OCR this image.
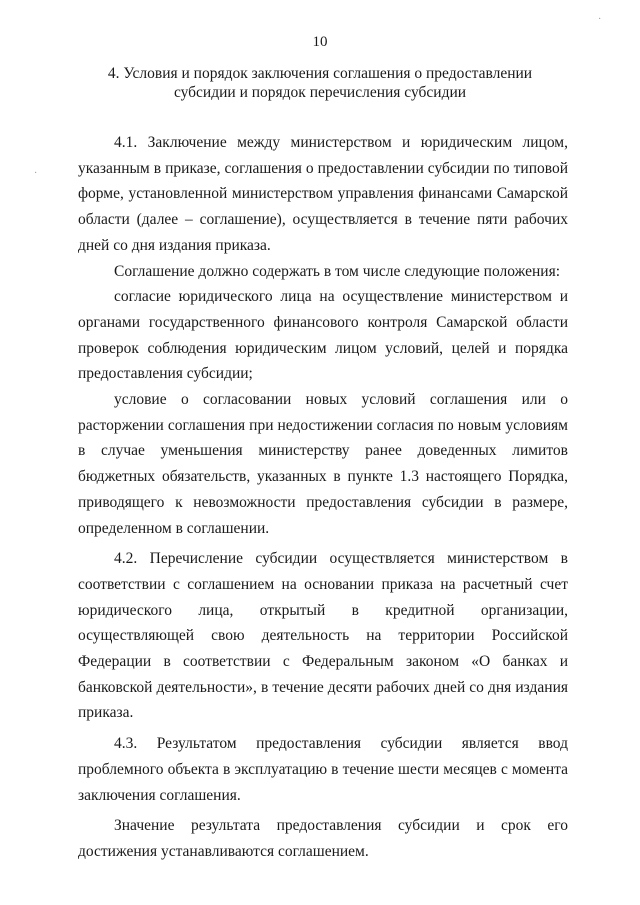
10
4. Условия и порядок заключения соглашения о предоставлении
субсидии и порядок перечисления субсидии

4.1. Заключение между министерством и юридическим лицом, указанным в приказе, соглашения о предоставлении субсидии по типовой форме, установленной министерством управления финансами Самарской области (далее – соглашение), осуществляется в течение пяти рабочих дней со дня издания приказа.

Соглашение должно содержать в том числе следующие положения:

согласие юридического лица на осуществление министерством и органами государственного финансового контроля Самарской области проверок соблюдения юридическим лицом условий, целей и порядка предоставления субсидии;

условие о согласовании новых условий соглашения или о расторжении соглашения при недостижении согласия по новым условиям в случае уменьшения министерству ранее доведенных лимитов бюджетных обязательств, указанных в пункте 1.3 настоящего Порядка, приводящего к невозможности предоставления субсидии в размере, определенном в соглашении.

4.2. Перечисление субсидии осуществляется министерством в соответствии с соглашением на основании приказа на расчетный счет юридического лица, открытый в кредитной организации, осуществляющей свою деятельность на территории Российской Федерации в соответствии с Федеральным законом «О банках и банковской деятельности», в течение десяти рабочих дней со дня издания приказа.

4.3. Результатом предоставления субсидии является ввод проблемного объекта в эксплуатацию в течение шести месяцев с момента заключения соглашения.

Значение результата предоставления субсидии и срок его достижения устанавливаются соглашением.

·
·
